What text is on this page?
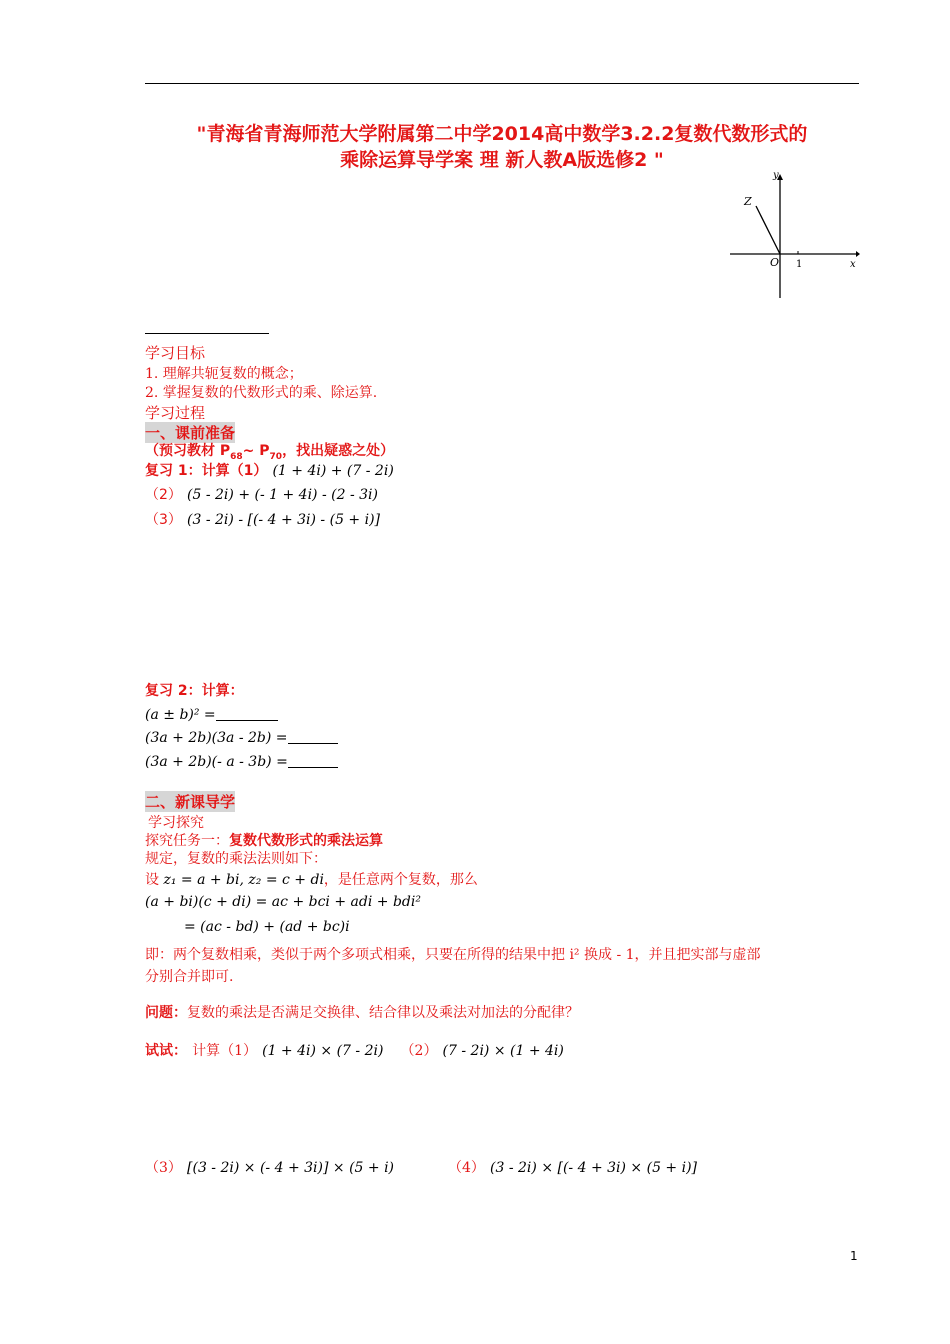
"青海省青海师范大学附属第二中学2014高中数学3.2.2复数代数形式的
乘除运算导学案 理 新人教A版选修2 "
y
Z
O 1	x
学习目标
1. 理解共轭复数的概念；
2. 掌握复数的代数形式的乘、除运算.
学习过程
一、课前准备
（预习教材 $P_{68}\sim$ $P_{70}$，找出疑惑之处）
复习 1：计算（1） (1 + 4i) + (7 - 2i)
（2） (5 - 2i) + (- 1 + 4i) - (2 - 3i)
（3） (3 - 2i) - [(- 4 + 3i) - (5 + i)]
复习 2：计算：
(a ± b)² =
(3a + 2b)(3a - 2b) =
(3a + 2b)(- a - 3b) =
二、新课导学
学习探究
探究任务一：复数代数形式的乘法运算
规定，复数的乘法法则如下：
设 z₁ = a + bi, z₂ = c + di，是任意两个复数，那么
(a + bi)(c + di) = ac + bci + adi + bdi²
= (ac - bd) + (ad + bc)i
即：两个复数相乘，类似于两个多项式相乘，只要在所得的结果中把 i² 换成 - 1，并且把实部与虚部
分别合并即可.
问题：复数的乘法是否满足交换律、结合律以及乘法对加法的分配律？
试试： 计算（1） (1 + 4i) × (7 - 2i) （2） (7 - 2i) × (1 + 4i)
（3） [(3 - 2i) × (- 4 + 3i)] × (5 + i)	（4） (3 - 2i) × [(- 4 + 3i) × (5 + i)]
1
